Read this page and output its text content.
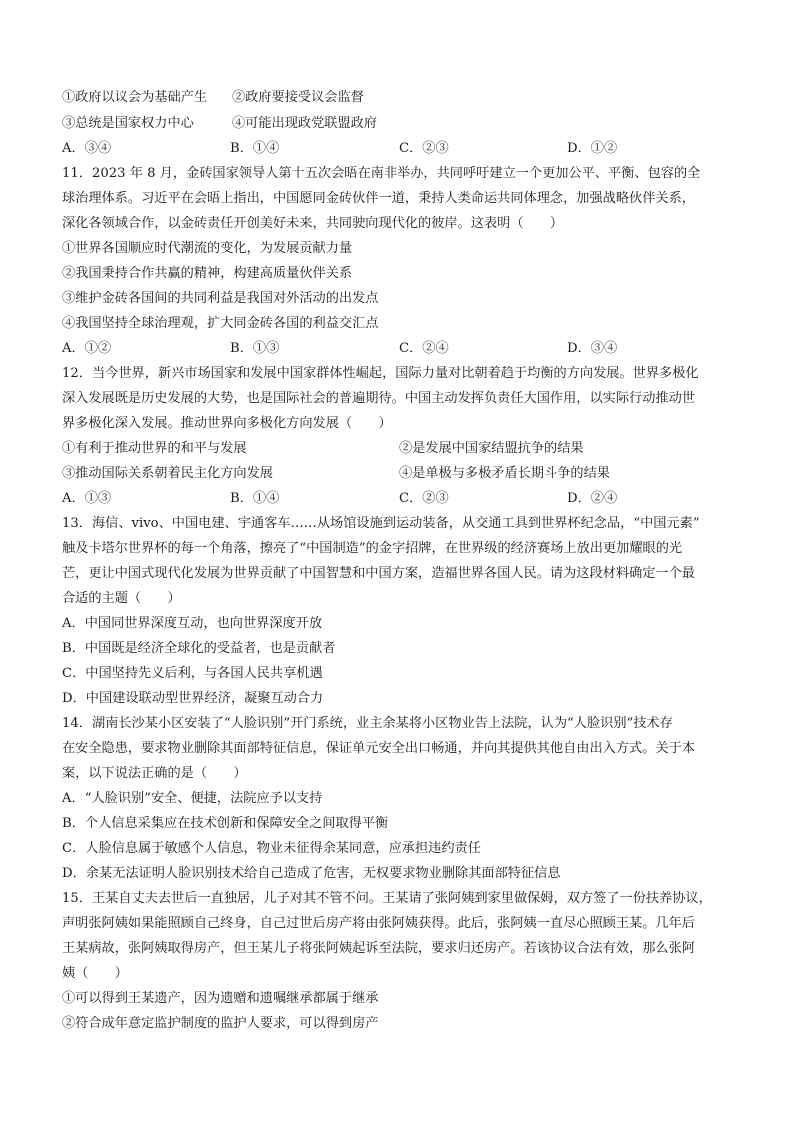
①政府以议会为基础产生 ②政府要接受议会监督
③总统是国家权力中心	④可能出现政党联盟政府
A．③④	B．①④	C．②③	D．①②
11．2023 年 8 月，金砖国家领导人第十五次会晤在南非举办，共同呼吁建立一个更加公平、平衡、包容的全
球治理体系。习近平在会晤上指出，中国愿同金砖伙伴一道，秉持人类命运共同体理念，加强战略伙伴关系，
深化各领域合作，以金砖责任开创美好未来，共同驶向现代化的彼岸。这表明（　　）
①世界各国顺应时代潮流的变化，为发展贡献力量
②我国秉持合作共赢的精神，构建高质量伙伴关系
③维护金砖各国间的共同利益是我国对外活动的出发点
④我国坚持全球治理观，扩大同金砖各国的利益交汇点
A．①②	B．①③	C．②④	D．③④
12．当今世界，新兴市场国家和发展中国家群体性崛起，国际力量对比朝着趋于均衡的方向发展。世界多极化
深入发展既是历史发展的大势，也是国际社会的普遍期待。中国主动发挥负责任大国作用，以实际行动推动世
界多极化深入发展。推动世界向多极化方向发展（　　）
①有利于推动世界的和平与发展	②是发展中国家结盟抗争的结果
③推动国际关系朝着民主化方向发展	④是单极与多极矛盾长期斗争的结果
A．①③	B．①④	C．②③	D．②④
13．海信、vivo、中国电建、宇通客车……从场馆设施到运动装备，从交通工具到世界杯纪念品，“中国元素”
触及卡塔尔世界杯的每一个角落，擦亮了“中国制造”的金字招牌，在世界级的经济赛场上放出更加耀眼的光
芒，更让中国式现代化发展为世界贡献了中国智慧和中国方案，造福世界各国人民。请为这段材料确定一个最
合适的主题（　　）
A．中国同世界深度互动，也向世界深度开放
B．中国既是经济全球化的受益者，也是贡献者
C．中国坚持先义后利，与各国人民共享机遇
D．中国建设联动型世界经济，凝聚互动合力
14．湖南长沙某小区安装了“人脸识别”开门系统，业主余某将小区物业告上法院，认为“人脸识别”技术存
在安全隐患，要求物业删除其面部特征信息，保证单元安全出口畅通，并向其提供其他自由出入方式。关于本
案，以下说法正确的是（　　）
A．“人脸识别”安全、便捷，法院应予以支持
B．个人信息采集应在技术创新和保障安全之间取得平衡
C．人脸信息属于敏感个人信息，物业未征得余某同意，应承担违约责任
D．余某无法证明人脸识别技术给自己造成了危害，无权要求物业删除其面部特征信息
15．王某自丈夫去世后一直独居，儿子对其不管不问。王某请了张阿姨到家里做保姆，双方签了一份扶养协议，
声明张阿姨如果能照顾自己终身，自己过世后房产将由张阿姨获得。此后，张阿姨一直尽心照顾王某。几年后
王某病故，张阿姨取得房产，但王某儿子将张阿姨起诉至法院，要求归还房产。若该协议合法有效，那么张阿
姨（　　）
①可以得到王某遗产，因为遗赠和遗嘱继承都属于继承
②符合成年意定监护制度的监护人要求，可以得到房产
